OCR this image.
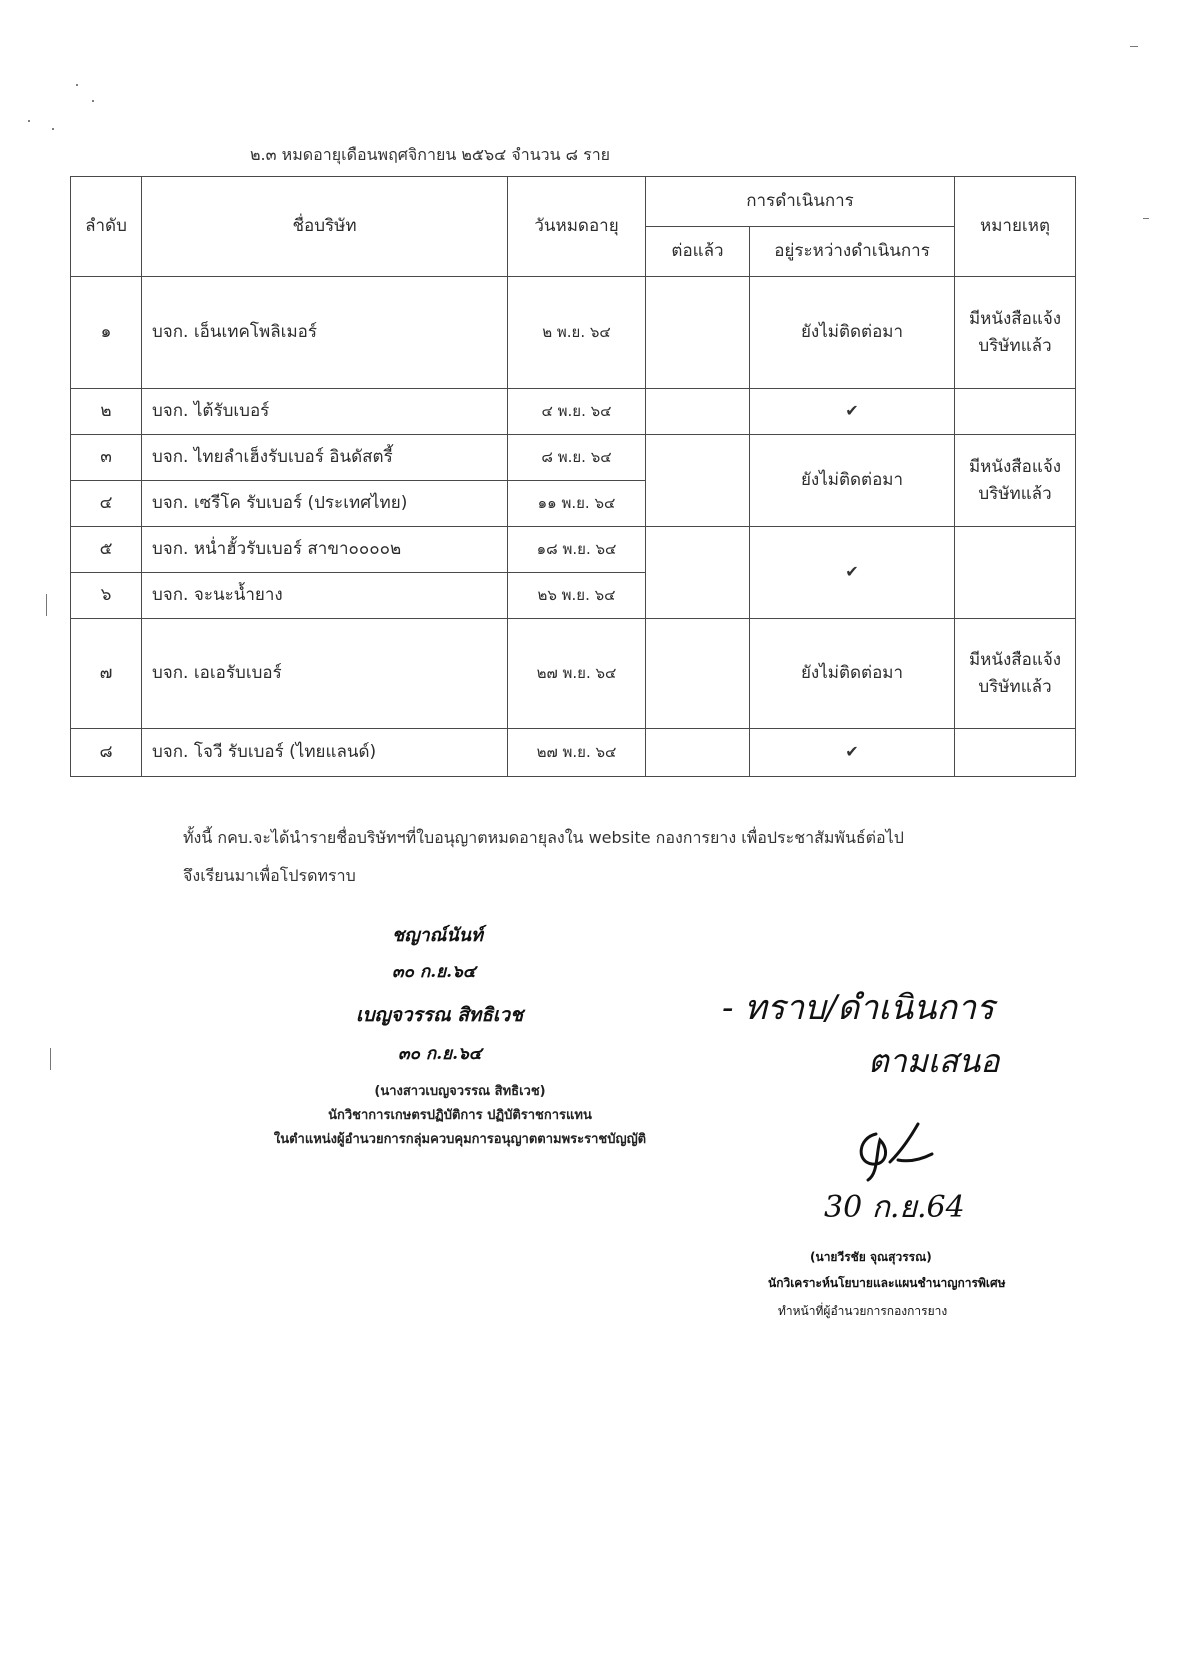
๒.๓ หมดอายุเดือนพฤศจิกายน ๒๕๖๔ จำนวน ๘ ราย
ลำดับ	ชื่อบริษัท	วันหมดอายุ	การดำเนินการ		หมายเหตุ
			ต่อแล้ว	อยู่ระหว่างดำเนินการ	
๑	บจก. เอ็นเทคโพลิเมอร์	๒ พ.ย. ๖๔		ยังไม่ติดต่อมา	มีหนังสือแจ้ง
บริษัทแล้ว

๒	บจก. ไต้รับเบอร์	๔ พ.ย. ๖๔		✔	
๓	บจก. ไทยลำเฮ็งรับเบอร์ อินดัสตรี้	๘ พ.ย. ๖๔		ยังไม่ติดต่อมา	มีหนังสือแจ้ง
บริษัทแล้ว

๔	บจก. เซรีโค รับเบอร์ (ประเทศไทย)	๑๑ พ.ย. ๖๔			
๕	บจก. หน่ำฮั้วรับเบอร์ สาขา๐๐๐๐๒	๑๘ พ.ย. ๖๔		✔	
๖	บจก. จะนะน้ำยาง	๒๖ พ.ย. ๖๔			
๗	บจก. เอเอรับเบอร์	๒๗ พ.ย. ๖๔		ยังไม่ติดต่อมา	มีหนังสือแจ้ง
บริษัทแล้ว

๘	บจก. โจวี รับเบอร์ (ไทยแลนด์)	๒๗ พ.ย. ๖๔		✔	
ทั้งนี้ กคบ.จะได้นำรายชื่อบริษัทฯที่ใบอนุญาตหมดอายุลงใน website กองการยาง เพื่อประชาสัมพันธ์ต่อไป
จึงเรียนมาเพื่อโปรดทราบ
ชญาณ์นันท์
๓๐ ก.ย.๖๔
เบญจวรรณ สิทธิเวช
๓๐ ก.ย.๖๔
(นางสาวเบญจวรรณ สิทธิเวช)
นักวิชาการเกษตรปฏิบัติการ ปฏิบัติราชการแทน
ในตำแหน่งผู้อำนวยการกลุ่มควบคุมการอนุญาตตามพระราชบัญญัติ
- ทราบ/ดำเนินการ
ตามเสนอ
30 ก.ย.64
(นายวีรชัย จุณสุวรรณ)
นักวิเคราะห์นโยบายและแผนชำนาญการพิเศษ
ทำหน้าที่ผู้อำนวยการกองการยาง
